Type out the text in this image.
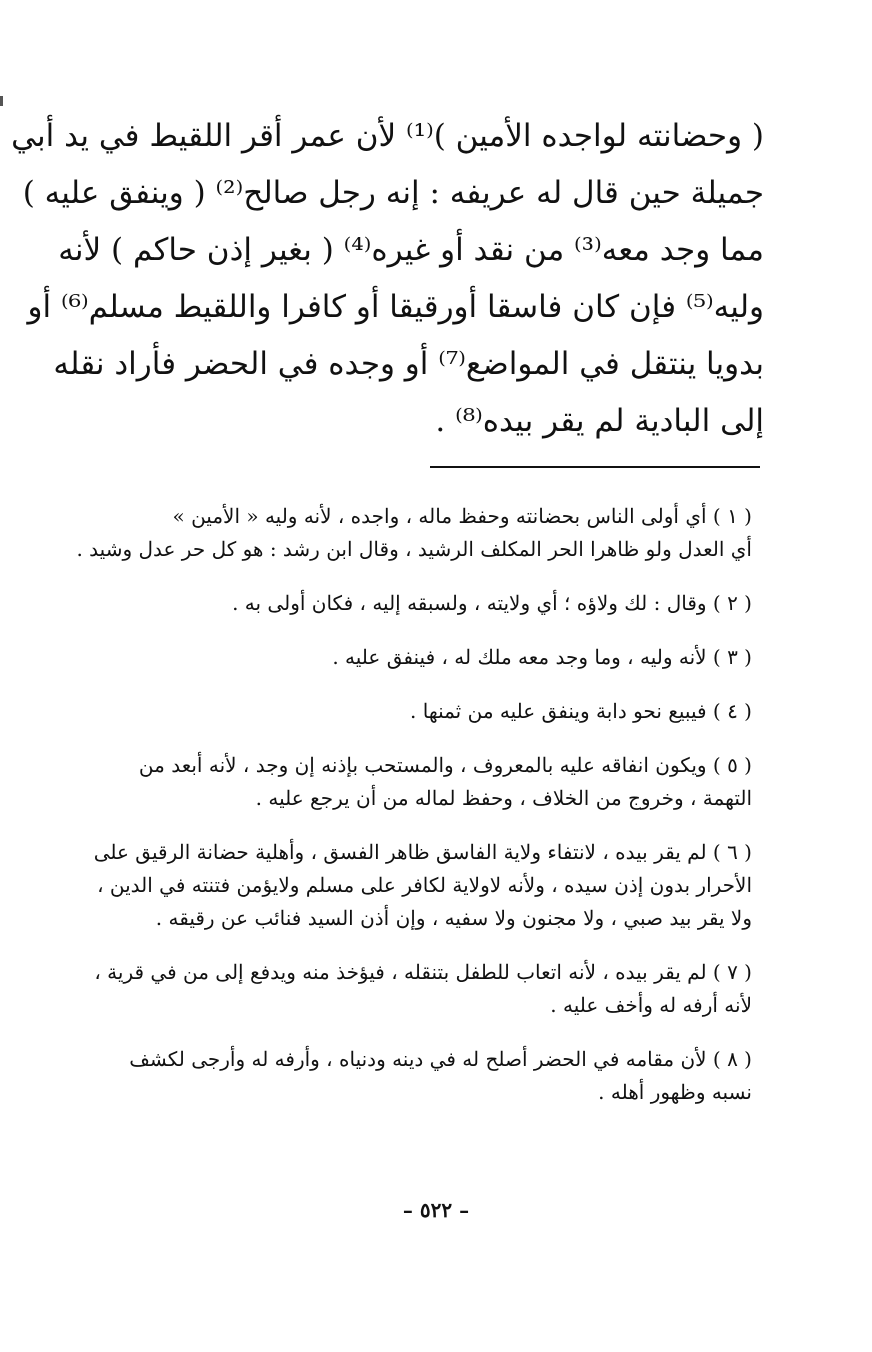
( وحضانته لواجده الأمين )⁽¹⁾ لأن عمر أقر اللقيط في يد أبي
جميلة حين قال له عريفه : إنه رجل صالح⁽²⁾ ( وينفق عليه )
مما وجد معه⁽³⁾ من نقد أو غيره⁽⁴⁾ ( بغير إذن حاكم ) لأنه
وليه⁽⁵⁾ فإن كان فاسقا أورقيقا أو كافرا واللقيط مسلم⁽⁶⁾ أو
بدويا ينتقل في المواضع⁽⁷⁾ أو وجده في الحضر فأراد نقله
إلى البادية لم يقر بيده⁽⁸⁾ .
( ١ ) أي أولى الناس بحضانته وحفظ ماله ، واجده ، لأنه وليه « الأمين »
أي العدل ولو ظاهرا الحر المكلف الرشيد ، وقال ابن رشد : هو كل حر عدل وشيد .
( ٢ ) وقال : لك ولاؤه ؛ أي ولايته ، ولسبقه إليه ، فكان أولى به .
( ٣ ) لأنه وليه ، وما وجد معه ملك له ، فينفق عليه .
( ٤ ) فيبيع نحو دابة وينفق عليه من ثمنها .
( ٥ ) ويكون انفاقه عليه بالمعروف ، والمستحب بإذنه إن وجد ، لأنه أبعد من
التهمة ، وخروج من الخلاف ، وحفظ لماله من أن يرجع عليه .
( ٦ ) لم يقر بيده ، لانتفاء ولاية الفاسق ظاهر الفسق ، وأهلية حضانة الرقيق على
الأحرار بدون إذن سيده ، ولأنه لاولاية لكافر على مسلم ولايؤمن فتنته في الدين ،
ولا يقر بيد صبي ، ولا مجنون ولا سفيه ، وإن أذن السيد فنائب عن رقيقه .
( ٧ ) لم يقر بيده ، لأنه اتعاب للطفل بتنقله ، فيؤخذ منه ويدفع إلى من في قرية ،
لأنه أرفه له وأخف عليه .
( ٨ ) لأن مقامه في الحضر أصلح له في دينه ودنياه ، وأرفه له وأرجى لكشف
نسبه وظهور أهله .
– ٥٢٢ –
